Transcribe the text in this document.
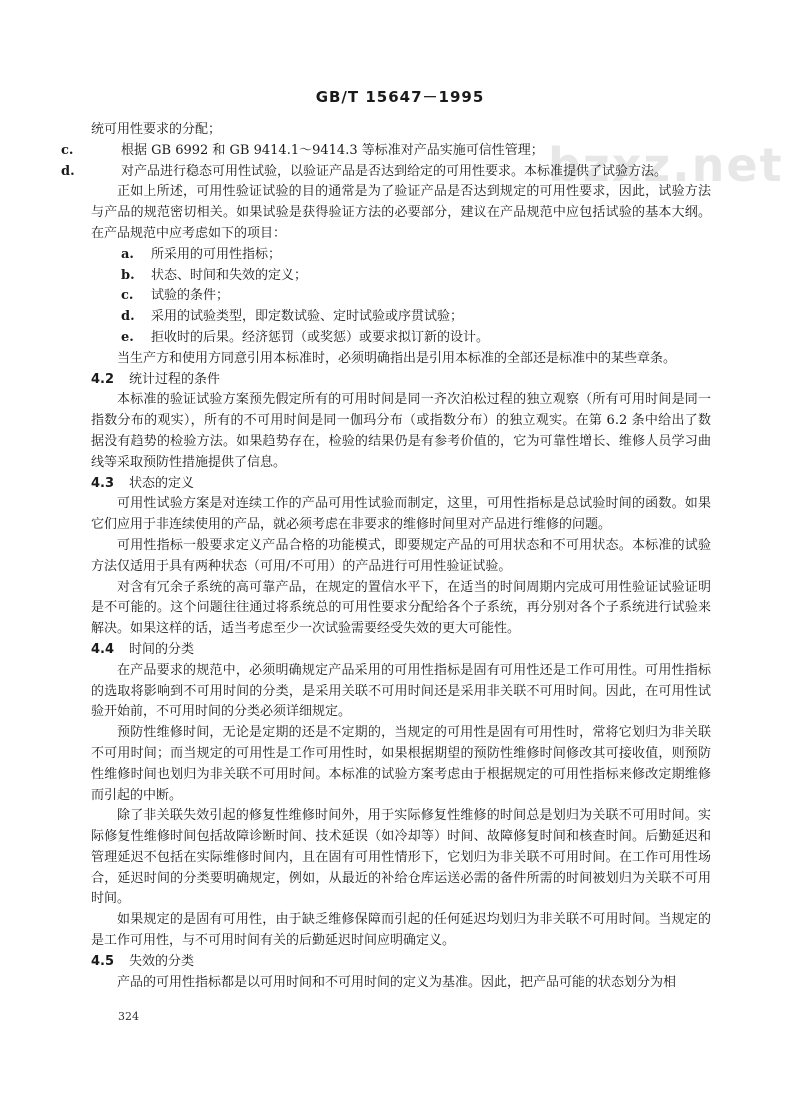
GB/T 15647－1995
bzxz.net

统可用性要求的分配；

c.	根据 GB 6992 和 GB 9414.1～9414.3 等标准对产品实施可信性管理；

d.	对产品进行稳态可用性试验，以验证产品是否达到给定的可用性要求。本标准提供了试验方法。

正如上所述，可用性验证试验的目的通常是为了验证产品是否达到规定的可用性要求，因此，试验方法与产品的规范密切相关。如果试验是获得验证方法的必要部分，建议在产品规范中应包括试验的基本大纲。在产品规范中应考虑如下的项目：

a. 所采用的可用性指标；

b. 状态、时间和失效的定义；

c. 试验的条件；

d. 采用的试验类型，即定数试验、定时试验或序贯试验；

e. 拒收时的后果。经济惩罚（或奖惩）或要求拟订新的设计。

当生产方和使用方同意引用本标准时，必须明确指出是引用本标准的全部还是标准中的某些章条。

4.2 统计过程的条件

本标准的验证试验方案预先假定所有的可用时间是同一齐次泊松过程的独立观察（所有可用时间是同一指数分布的观实），所有的不可用时间是同一伽玛分布（或指数分布）的独立观实。在第 6.2 条中给出了数据没有趋势的检验方法。如果趋势存在，检验的结果仍是有参考价值的，它为可靠性增长、维修人员学习曲线等采取预防性措施提供了信息。

4.3 状态的定义

可用性试验方案是对连续工作的产品可用性试验而制定，这里，可用性指标是总试验时间的函数。如果它们应用于非连续使用的产品，就必须考虑在非要求的维修时间里对产品进行维修的问题。

可用性指标一般要求定义产品合格的功能模式，即要规定产品的可用状态和不可用状态。本标准的试验方法仅适用于具有两种状态（可用/不可用）的产品进行可用性验证试验。

对含有冗余子系统的高可靠产品，在规定的置信水平下，在适当的时间周期内完成可用性验证试验证明是不可能的。这个问题往往通过将系统总的可用性要求分配给各个子系统，再分别对各个子系统进行试验来解决。如果这样的话，适当考虑至少一次试验需要经受失效的更大可能性。

4.4 时间的分类

在产品要求的规范中，必须明确规定产品采用的可用性指标是固有可用性还是工作可用性。可用性指标的选取将影响到不可用时间的分类，是采用关联不可用时间还是采用非关联不可用时间。因此，在可用性试验开始前，不可用时间的分类必须详细规定。

预防性维修时间，无论是定期的还是不定期的，当规定的可用性是固有可用性时，常将它划归为非关联不可用时间；而当规定的可用性是工作可用性时，如果根据期望的预防性维修时间修改其可接收值，则预防性维修时间也划归为非关联不可用时间。本标准的试验方案考虑由于根据规定的可用性指标来修改定期维修而引起的中断。

除了非关联失效引起的修复性维修时间外，用于实际修复性维修的时间总是划归为关联不可用时间。实际修复性维修时间包括故障诊断时间、技术延误（如冷却等）时间、故障修复时间和核查时间。后勤延迟和管理延迟不包括在实际维修时间内，且在固有可用性情形下，它划归为非关联不可用时间。在工作可用性场合，延迟时间的分类要明确规定，例如，从最近的补给仓库运送必需的备件所需的时间被划归为关联不可用时间。

如果规定的是固有可用性，由于缺乏维修保障而引起的任何延迟均划归为非关联不可用时间。当规定的是工作可用性，与不可用时间有关的后勤延迟时间应明确定义。

4.5 失效的分类

产品的可用性指标都是以可用时间和不可用时间的定义为基准。因此，把产品可能的状态划分为相

324
